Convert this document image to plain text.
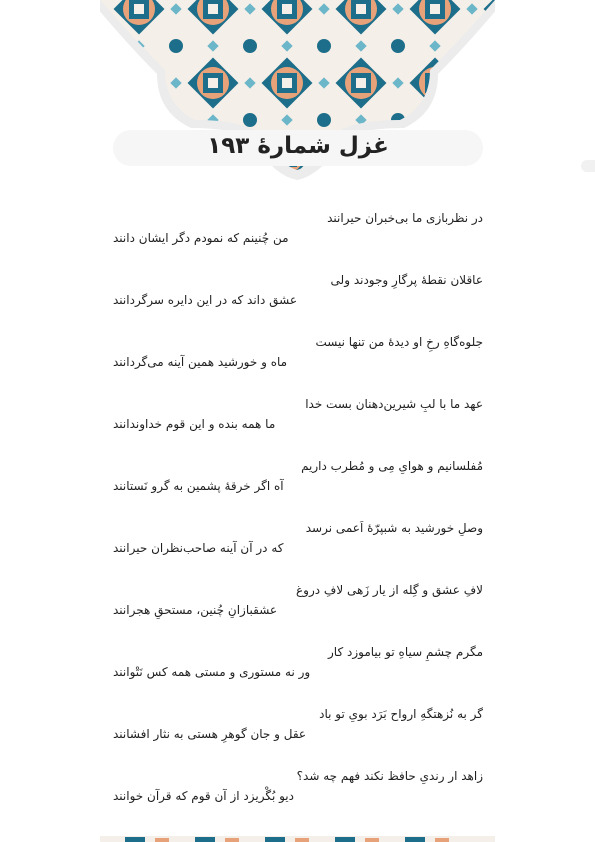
غزل شمارهٔ ۱۹۳
در نظربازی ما بی‌خبران حیرانند
من چُنینم که نمودم دگر ایشان دانند
عاقلان نقطهٔ پرگارِ وجودند ولی
عشق داند که در این دایره سرگردانند
جلوه‌گاهِ رخِ او دیدهٔ من تنها نیست
ماه و خورشید همین آینه می‌گردانند
عهد ما با لبِ شیرین‌دهنان بست خدا
ما همه بنده و این قوم خداوندانند
مُفلسانیم و هوایِ مِی و مُطرب داریم
آه اگر خرقهٔ پشمین به گرو نَستانند
وصلِ خورشید به شبپرّهٔ اَعمی نرسد
که در آن آینه صاحب‌نظران حیرانند
لافِ عشق و گِله از یار زَهی لافِ دروغ
عشقبازانِ چُنین، مستحقِ هجرانند
مگرم چشمِ سیاهِ تو بیاموزد کار
ور نه مستوری و مستی همه کس نَتْوانند
گر به نُزهتگهِ ارواح بَرَد بویِ تو باد
عقل و جان گوهرِ هستی به نثار افشانند
زاهد ار رندیِ حافظ نکند فهم چه شد؟
دیو بُگْریزد از آن قوم که قرآن خوانند
